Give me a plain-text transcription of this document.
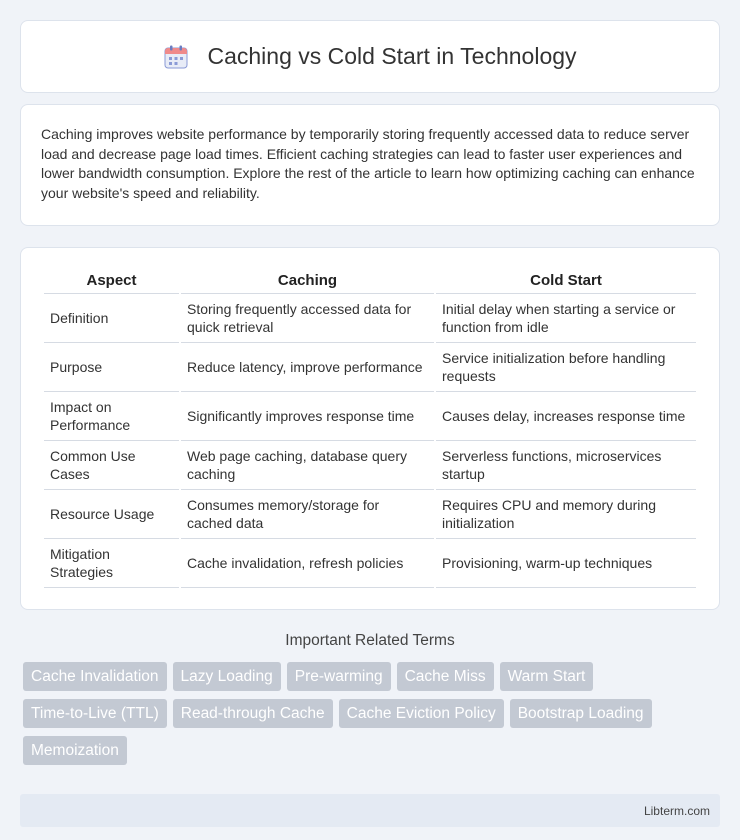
Caching vs Cold Start in Technology

Caching improves website performance by temporarily storing frequently accessed data to reduce server load and decrease page load times. Efficient caching strategies can lead to faster user experiences and lower bandwidth consumption. Explore the rest of the article to learn how optimizing caching can enhance your website's speed and reliability.

Aspect	Caching	Cold Start
Definition	Storing frequently accessed data for quick retrieval	Initial delay when starting a service or function from idle
Purpose	Reduce latency, improve performance	Service initialization before handling requests
Impact on Performance	Significantly improves response time	Causes delay, increases response time
Common Use Cases	Web page caching, database query caching	Serverless functions, microservices startup
Resource Usage	Consumes memory/storage for cached data	Requires CPU and memory during initialization
Mitigation Strategies	Cache invalidation, refresh policies	Provisioning, warm-up techniques
Important Related Terms
Cache Invalidation	Lazy Loading	Pre-warming	Cache Miss	Warm Start
Time-to-Live (TTL)	Read-through Cache	Cache Eviction Policy	Bootstrap Loading
Memoization
Libterm.com
